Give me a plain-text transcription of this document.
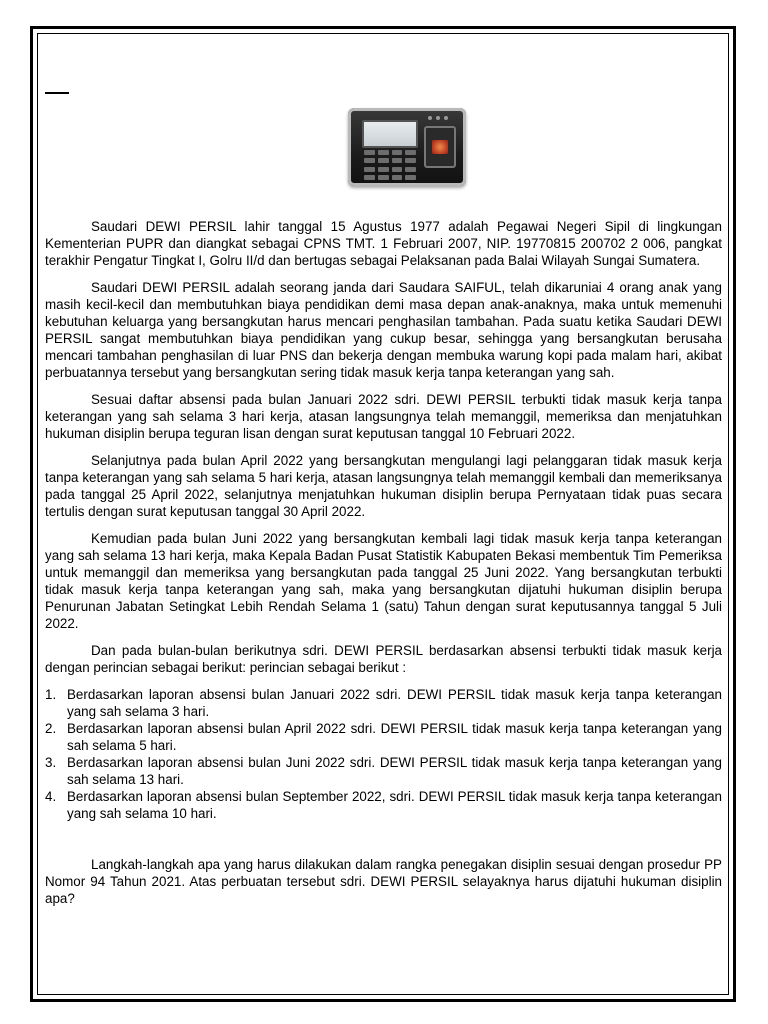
Saudari DEWI PERSIL lahir tanggal 15 Agustus 1977 adalah Pegawai Negeri Sipil di lingkungan Kementerian PUPR dan diangkat sebagai CPNS TMT. 1 Februari 2007, NIP. 19770815 200702 2 006, pangkat terakhir Pengatur Tingkat I, Golru II/d dan bertugas sebagai Pelaksanan pada Balai Wilayah Sungai Sumatera.

Saudari DEWI PERSIL adalah seorang janda dari Saudara SAIFUL, telah dikaruniai 4 orang anak yang masih kecil-kecil dan membutuhkan biaya pendidikan demi masa depan anak-anaknya, maka untuk memenuhi kebutuhan keluarga yang bersangkutan harus mencari penghasilan tambahan. Pada suatu ketika Saudari DEWI PERSIL sangat membutuhkan biaya pendidikan yang cukup besar, sehingga yang bersangkutan berusaha mencari tambahan penghasilan di luar PNS dan bekerja dengan membuka warung kopi pada malam hari, akibat perbuatannya tersebut yang bersangkutan sering tidak masuk kerja tanpa keterangan yang sah.

Sesuai daftar absensi pada bulan Januari 2022 sdri. DEWI PERSIL terbukti tidak masuk kerja tanpa keterangan yang sah selama 3 hari kerja, atasan langsungnya telah memanggil, memeriksa dan menjatuhkan hukuman disiplin berupa teguran lisan dengan surat keputusan tanggal 10 Februari 2022.

Selanjutnya pada bulan April 2022 yang bersangkutan mengulangi lagi pelanggaran tidak masuk kerja tanpa keterangan yang sah selama 5 hari kerja, atasan langsungnya telah memanggil kembali dan memeriksanya pada tanggal 25 April 2022, selanjutnya menjatuhkan hukuman disiplin berupa Pernyataan tidak puas secara tertulis dengan surat keputusan tanggal 30 April 2022.

Kemudian pada bulan Juni 2022 yang bersangkutan kembali lagi tidak masuk kerja tanpa keterangan yang sah selama 13 hari kerja, maka Kepala Badan Pusat Statistik Kabupaten Bekasi membentuk Tim Pemeriksa untuk memanggil dan memeriksa yang bersangkutan pada tanggal 25 Juni 2022. Yang bersangkutan terbukti tidak masuk kerja tanpa keterangan yang sah, maka yang bersangkutan dijatuhi hukuman disiplin berupa Penurunan Jabatan Setingkat Lebih Rendah Selama 1 (satu) Tahun dengan surat keputusannya tanggal 5 Juli 2022.

Dan pada bulan-bulan berikutnya sdri. DEWI PERSIL berdasarkan absensi terbukti tidak masuk kerja dengan perincian sebagai berikut: perincian sebagai berikut :

1. Berdasarkan laporan absensi bulan Januari 2022 sdri. DEWI PERSIL tidak masuk kerja tanpa keterangan yang sah selama 3 hari.
2. Berdasarkan laporan absensi bulan April 2022 sdri. DEWI PERSIL tidak masuk kerja tanpa keterangan yang sah selama 5 hari.
3. Berdasarkan laporan absensi bulan Juni 2022 sdri. DEWI PERSIL tidak masuk kerja tanpa keterangan yang sah selama 13 hari.
4. Berdasarkan laporan absensi bulan September 2022, sdri. DEWI PERSIL tidak masuk kerja tanpa keterangan yang sah selama 10 hari.

Langkah-langkah apa yang harus dilakukan dalam rangka penegakan disiplin sesuai dengan prosedur PP Nomor 94 Tahun 2021. Atas perbuatan tersebut sdri. DEWI PERSIL selayaknya harus dijatuhi hukuman disiplin apa?
